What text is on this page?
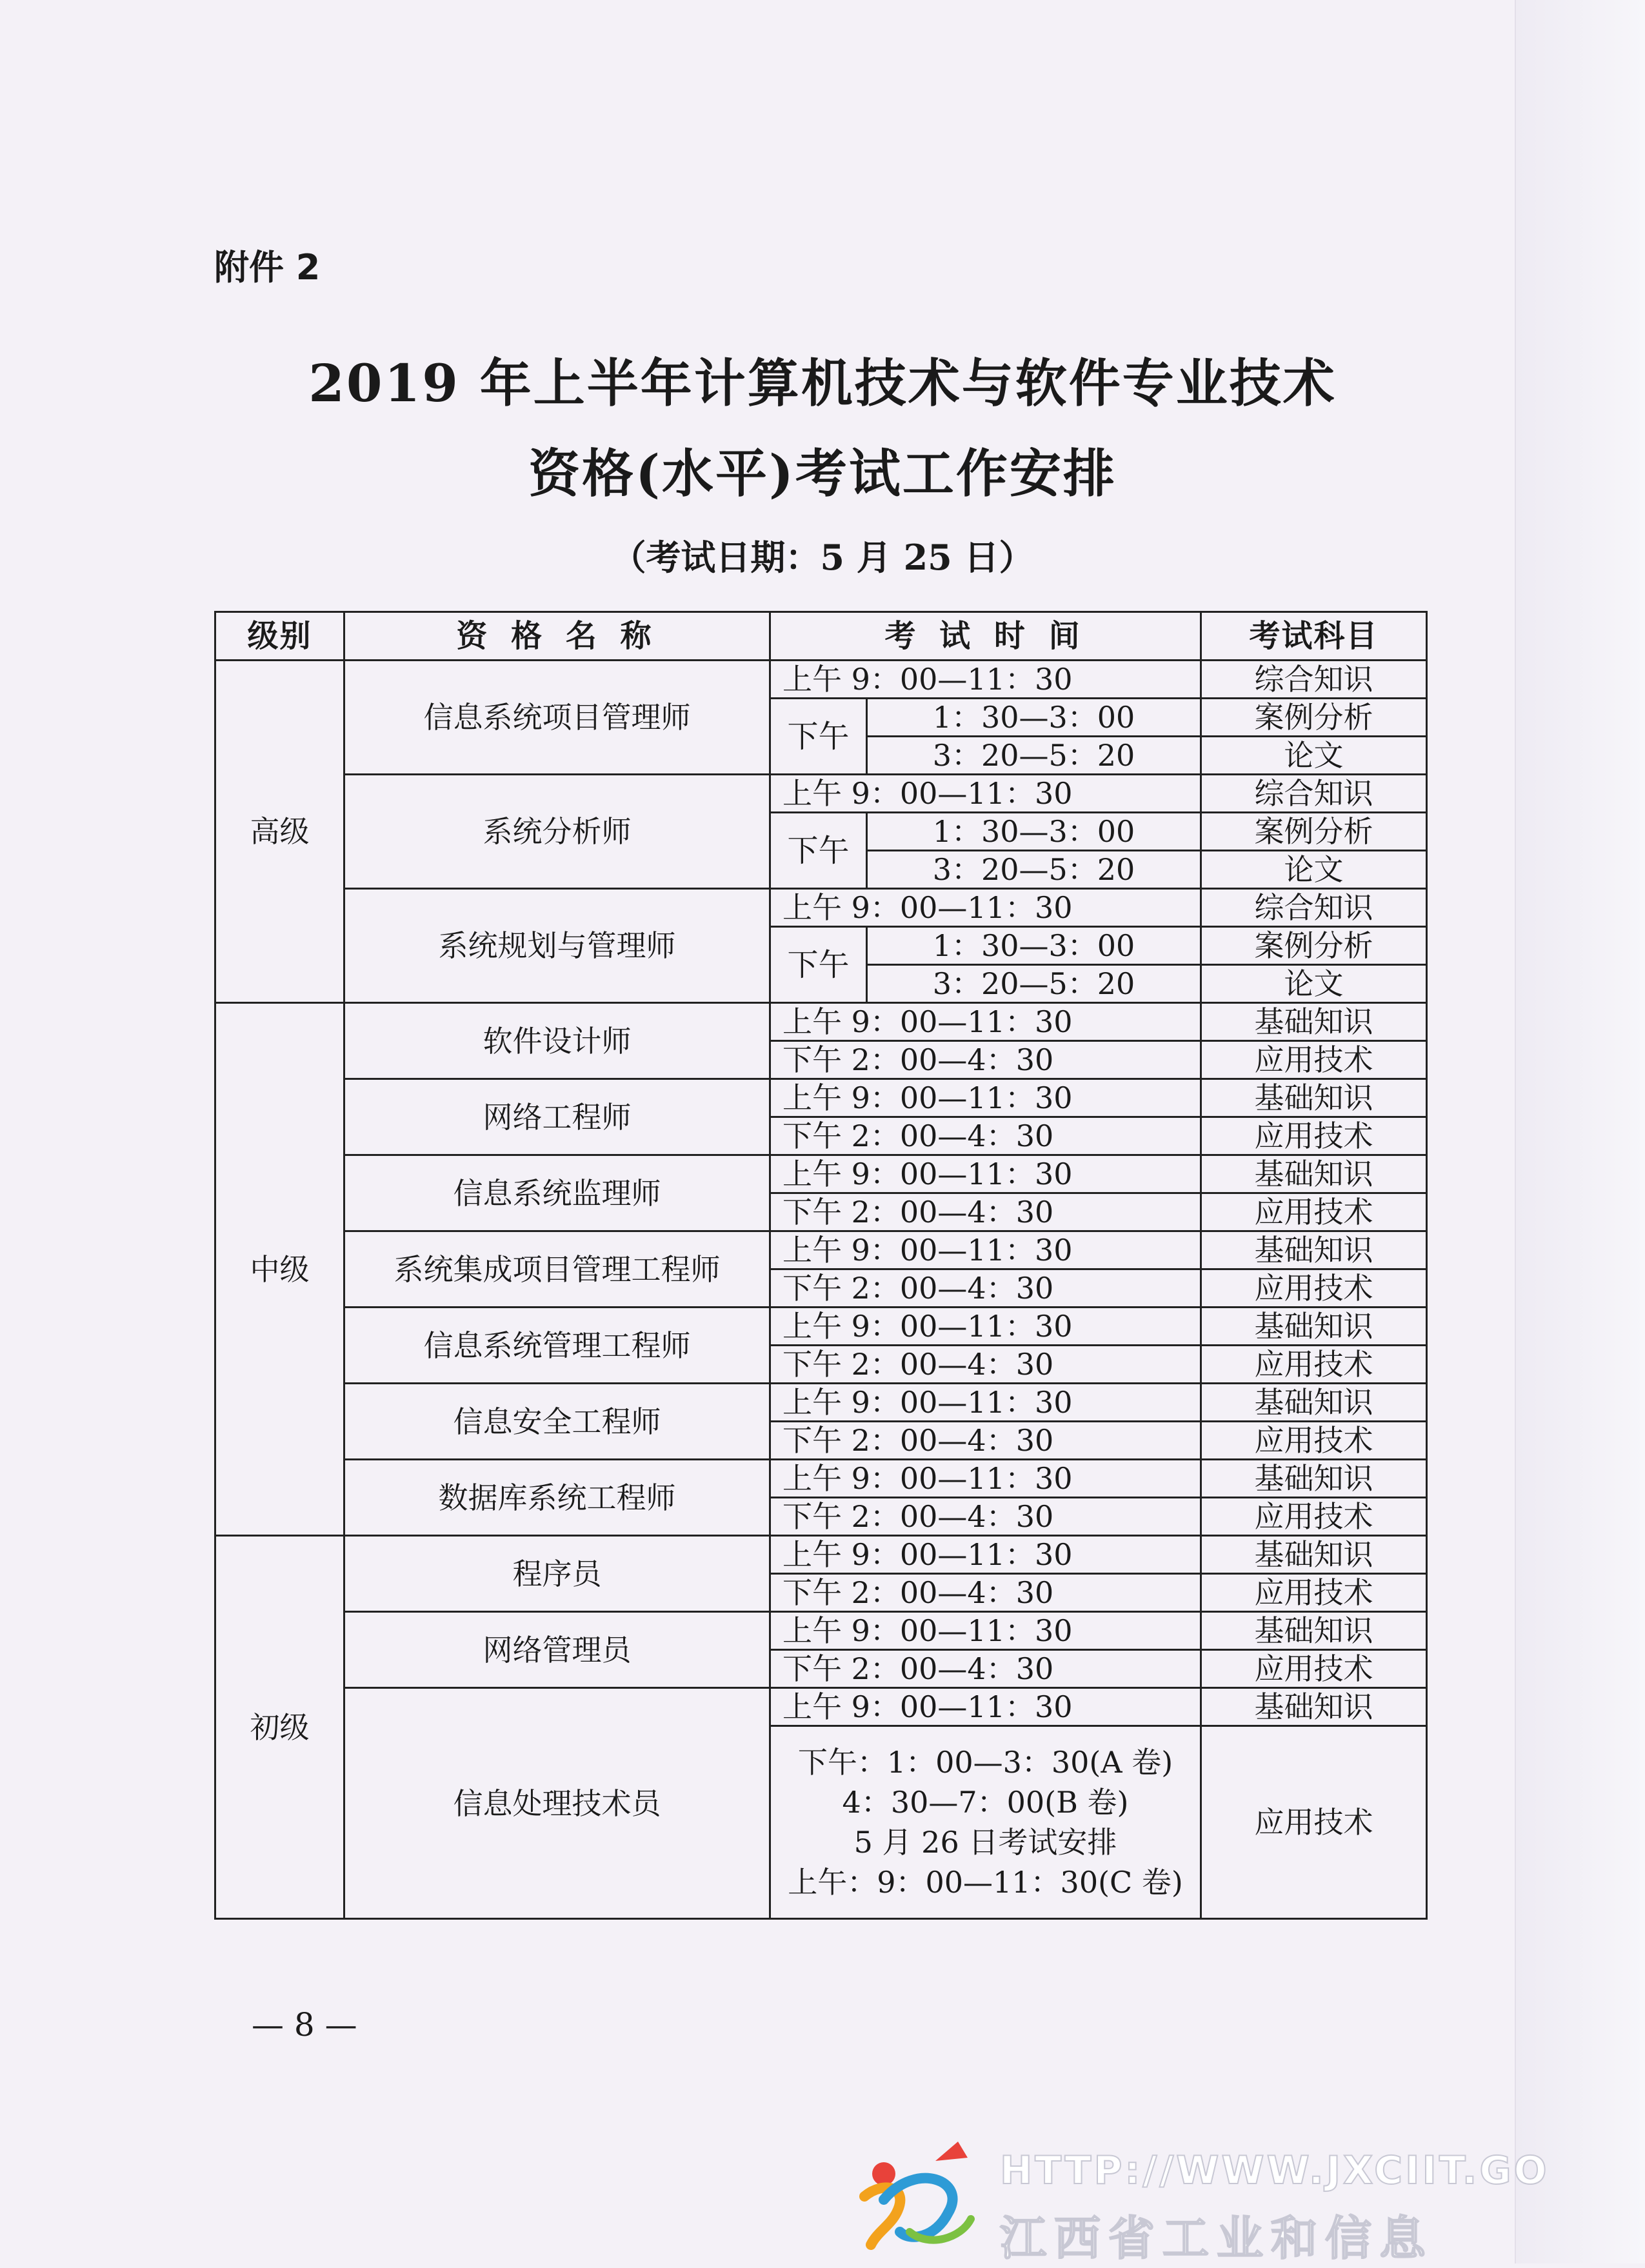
附件 2
2019 年上半年计算机技术与软件专业技术
资格(水平)考试工作安排
（考试日期：5 月 25 日）
级别	资 格 名 称	考 试 时 间		考试科目
高级	信息系统项目管理师	上午 9：00—11：30		综合知识
		下午	1：30—3：00	案例分析
			3：20—5：20	论文
	系统分析师	上午 9：00—11：30		综合知识
		下午	1：30—3：00	案例分析
			3：20—5：20	论文
	系统规划与管理师	上午 9：00—11：30		综合知识
		下午	1：30—3：00	案例分析
			3：20—5：20	论文
中级	软件设计师	上午 9：00—11：30		基础知识
		下午 2：00—4：30		应用技术
	网络工程师	上午 9：00—11：30		基础知识
		下午 2：00—4：30		应用技术
	信息系统监理师	上午 9：00—11：30		基础知识
		下午 2：00—4：30		应用技术
	系统集成项目管理工程师	上午 9：00—11：30		基础知识
		下午 2：00—4：30		应用技术
	信息系统管理工程师	上午 9：00—11：30		基础知识
		下午 2：00—4：30		应用技术
	信息安全工程师	上午 9：00—11：30		基础知识
		下午 2：00—4：30		应用技术
	数据库系统工程师	上午 9：00—11：30		基础知识
		下午 2：00—4：30		应用技术
初级	程序员	上午 9：00—11：30		基础知识
		下午 2：00—4：30		应用技术
	网络管理员	上午 9：00—11：30		基础知识
		下午 2：00—4：30		应用技术
	信息处理技术员	上午 9：00—11：30		基础知识

		下午：1：00—3：30(A 卷)
4：30—7：00(B 卷)
5 月 26 日考试安排
上午：9：00—11：30(C 卷)		应用技术
— 8 —
HTTP://WWW.JXCIIT.GO
江西省工业和信息
